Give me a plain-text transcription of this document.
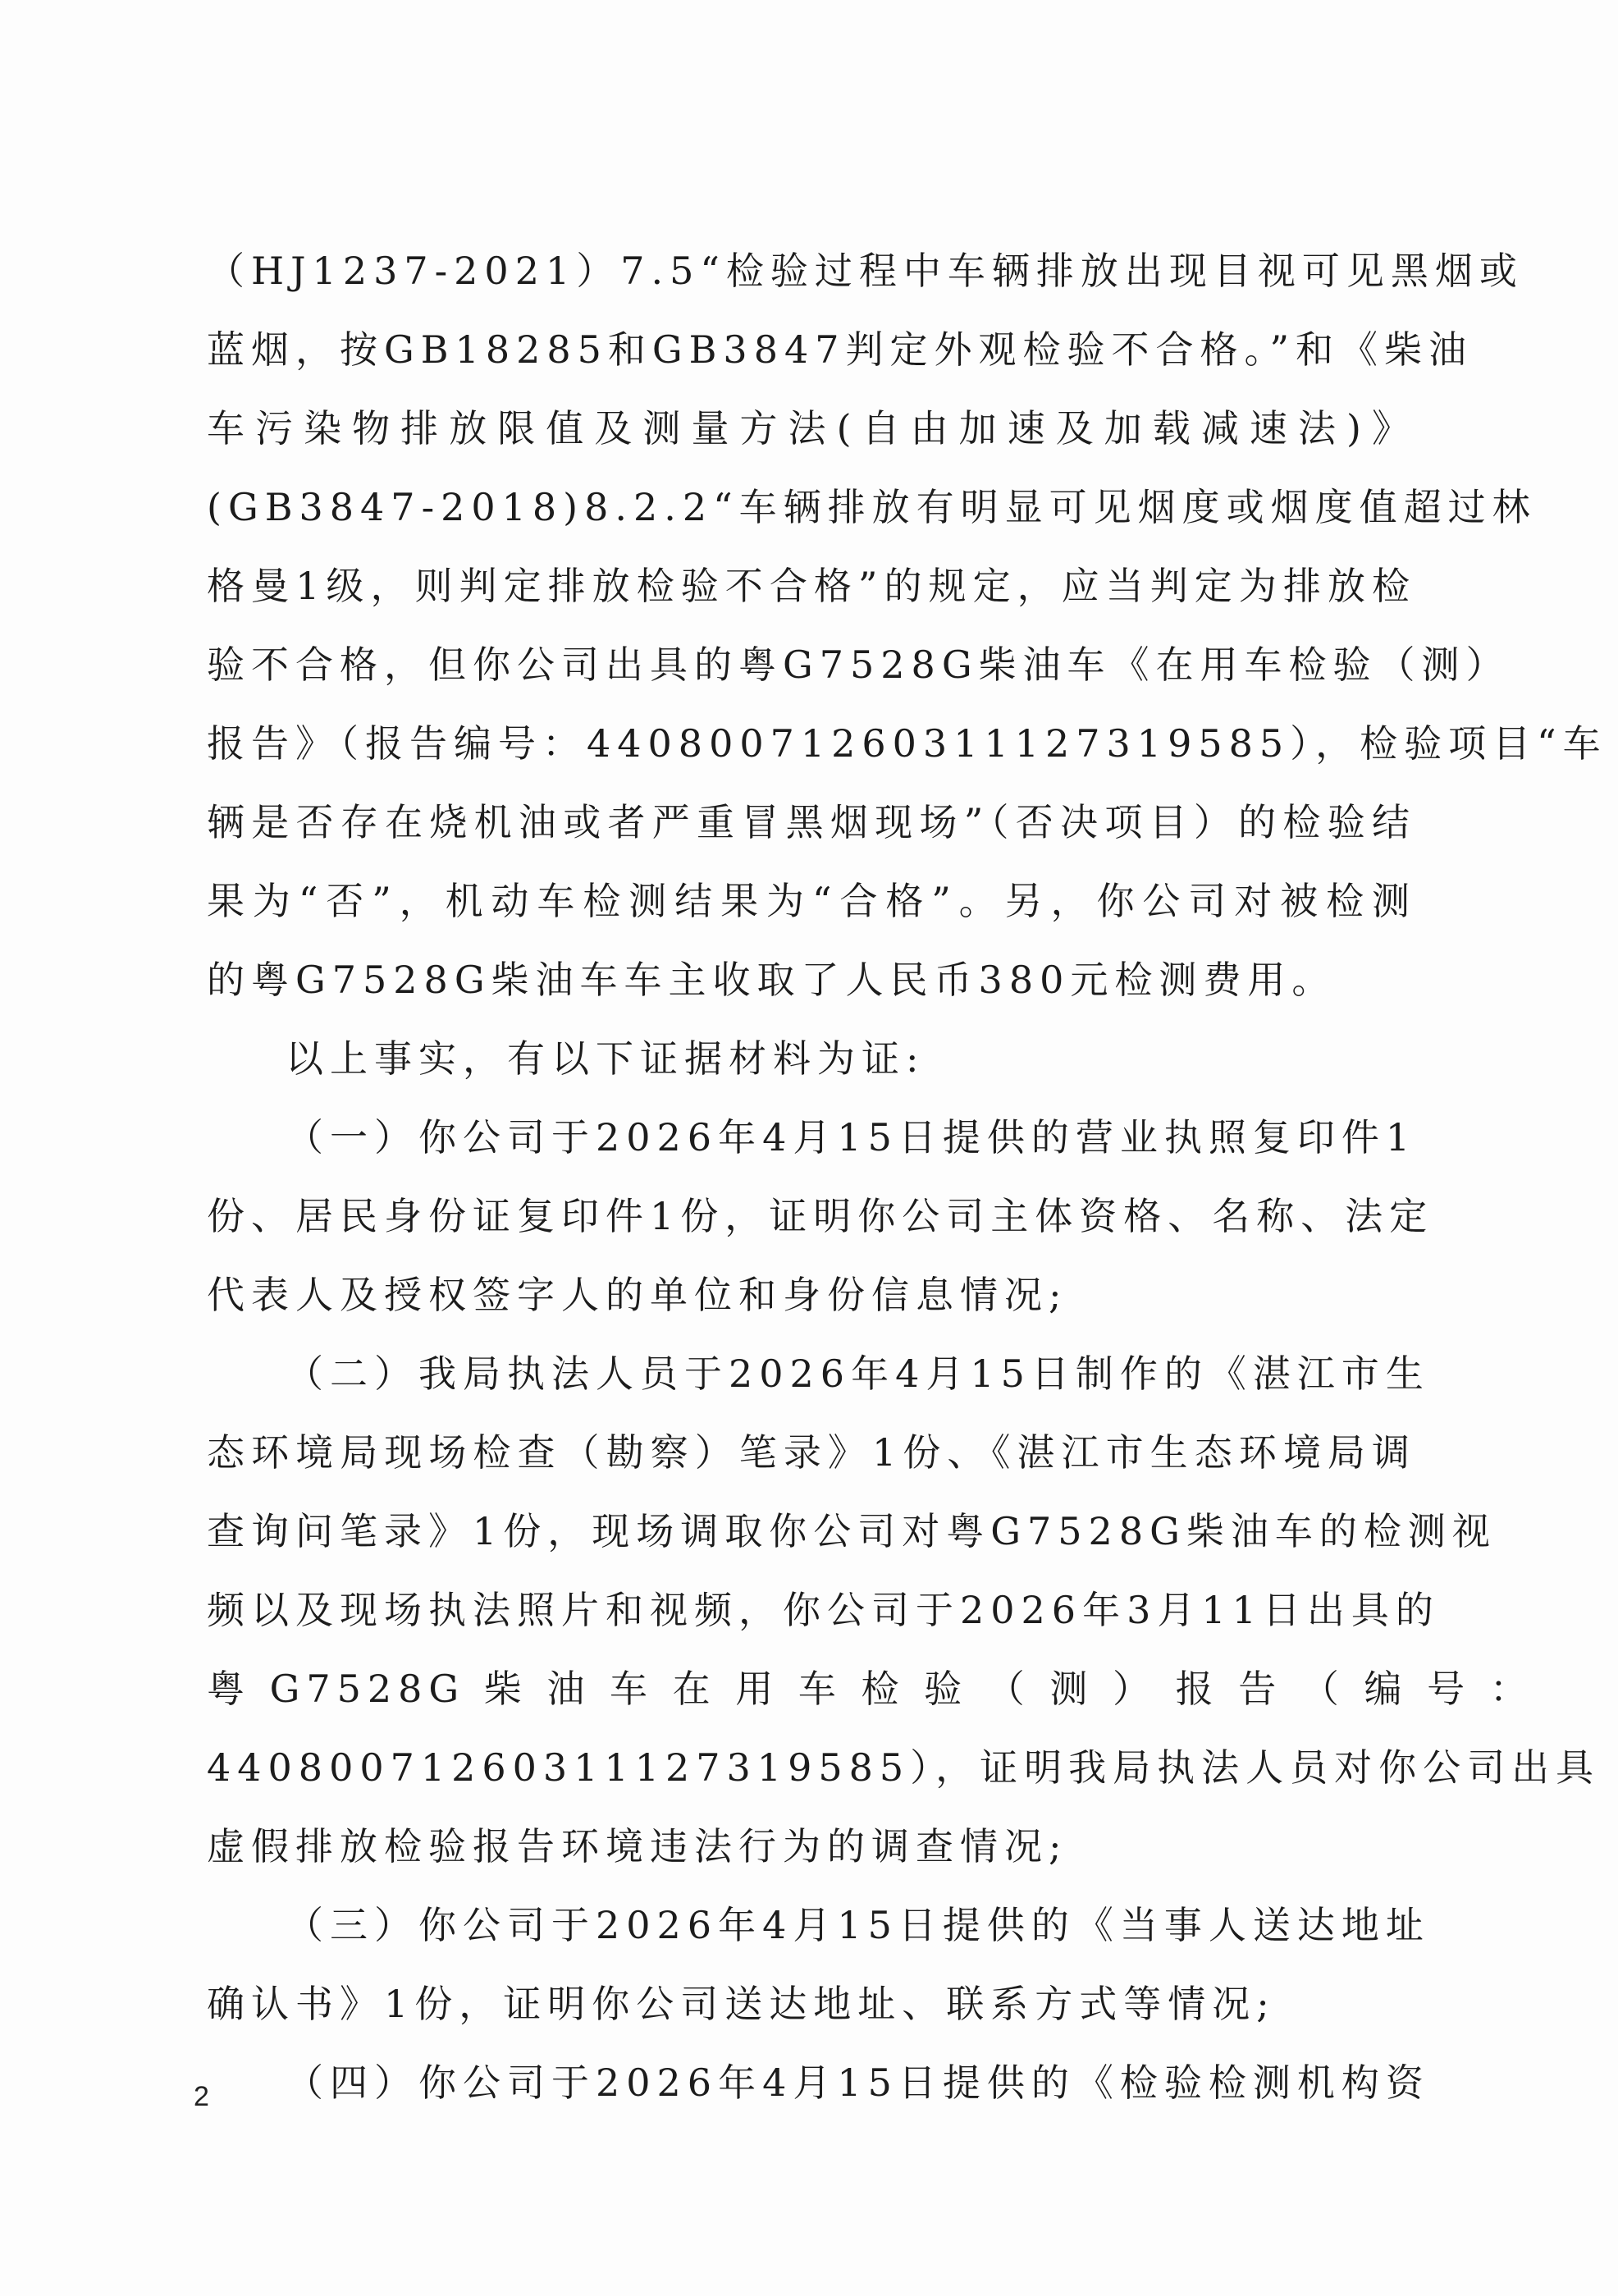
（HJ1237-2021）7.5“检验过程中车辆排放出现目视可见黑烟或
蓝烟，按GB18285和GB3847判定外观检验不合格。”和《柴油
车污染物排放限值及测量方法(自由加速及加载减速法)》
(GB3847-2018)8.2.2“车辆排放有明显可见烟度或烟度值超过林
格曼1级，则判定排放检验不合格”的规定，应当判定为排放检
验不合格，但你公司出具的粤G7528G柴油车《在用车检验（测）
报告》（报告编号：44080071260311127319585），检验项目“车
辆是否存在烧机油或者严重冒黑烟现场”（否决项目）的检验结
果为“否”，机动车检测结果为“合格”。另，你公司对被检测
的粤G7528G柴油车车主收取了人民币380元检测费用。
以上事实，有以下证据材料为证:
（一）你公司于2026年4月15日提供的营业执照复印件1
份、居民身份证复印件1份，证明你公司主体资格、名称、法定
代表人及授权签字人的单位和身份信息情况;
（二）我局执法人员于2026年4月15日制作的《湛江市生
态环境局现场检查（勘察）笔录》1份、《湛江市生态环境局调
查询问笔录》1份，现场调取你公司对粤G7528G柴油车的检测视
频以及现场执法照片和视频，你公司于2026年3月11日出具的
粤 G7528G 柴 油 车 在 用 车 检 验 （ 测 ） 报 告 （ 编 号 ：
44080071260311127319585），证明我局执法人员对你公司出具
虚假排放检验报告环境违法行为的调查情况;
（三）你公司于2026年4月15日提供的《当事人送达地址
确认书》1份，证明你公司送达地址、联系方式等情况;
（四）你公司于2026年4月15日提供的《检验检测机构资
2
